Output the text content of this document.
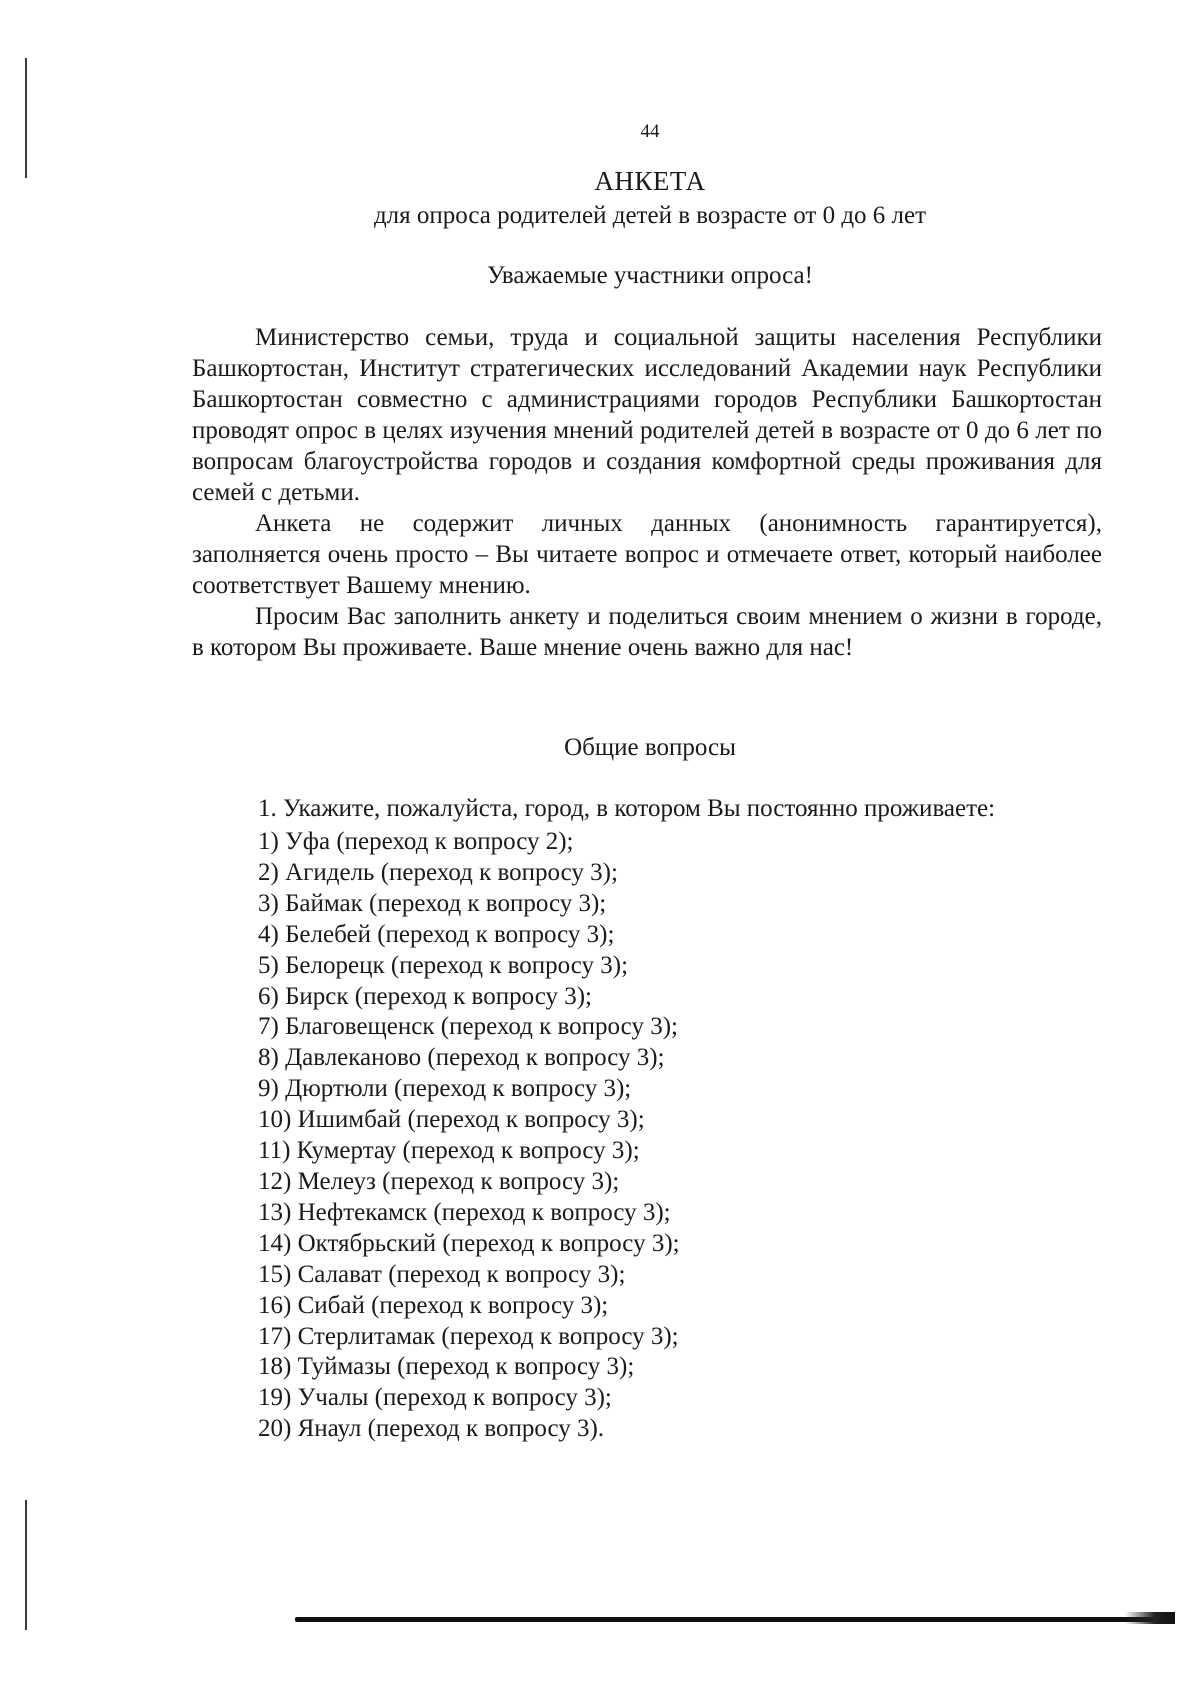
44
АНКЕТА
для опроса родителей детей в возрасте от 0 до 6 лет
Уважаемые участники опроса!

Министерство семьи, труда и социальной защиты населения Республики Башкортостан, Институт стратегических исследований Академии наук Республики Башкортостан совместно с администрациями городов Республики Башкортостан проводят опрос в целях изучения мнений родителей детей в возрасте от 0 до 6 лет по вопросам благоустройства городов и создания комфортной среды проживания для семей с детьми.

Анкета не содержит личных данных (анонимность гарантируется), заполняется очень просто – Вы читаете вопрос и отмечаете ответ, который наиболее соответствует Вашему мнению.

Просим Вас заполнить анкету и поделиться своим мнением о жизни в городе, в котором Вы проживаете. Ваше мнение очень важно для нас!

Общие вопросы
1. Укажите, пожалуйста, город, в котором Вы постоянно проживаете:
1) Уфа (переход к вопросу 2);
2) Агидель (переход к вопросу 3);
3) Баймак (переход к вопросу 3);
4) Белебей (переход к вопросу 3);
5) Белорецк (переход к вопросу 3);
6) Бирск (переход к вопросу 3);
7) Благовещенск (переход к вопросу 3);
8) Давлеканово (переход к вопросу 3);
9) Дюртюли (переход к вопросу 3);
10) Ишимбай (переход к вопросу 3);
11) Кумертау (переход к вопросу 3);
12) Мелеуз (переход к вопросу 3);
13) Нефтекамск (переход к вопросу 3);
14) Октябрьский (переход к вопросу 3);
15) Салават (переход к вопросу 3);
16) Сибай (переход к вопросу 3);
17) Стерлитамак (переход к вопросу 3);
18) Туймазы (переход к вопросу 3);
19) Учалы (переход к вопросу 3);
20) Янаул (переход к вопросу 3).
